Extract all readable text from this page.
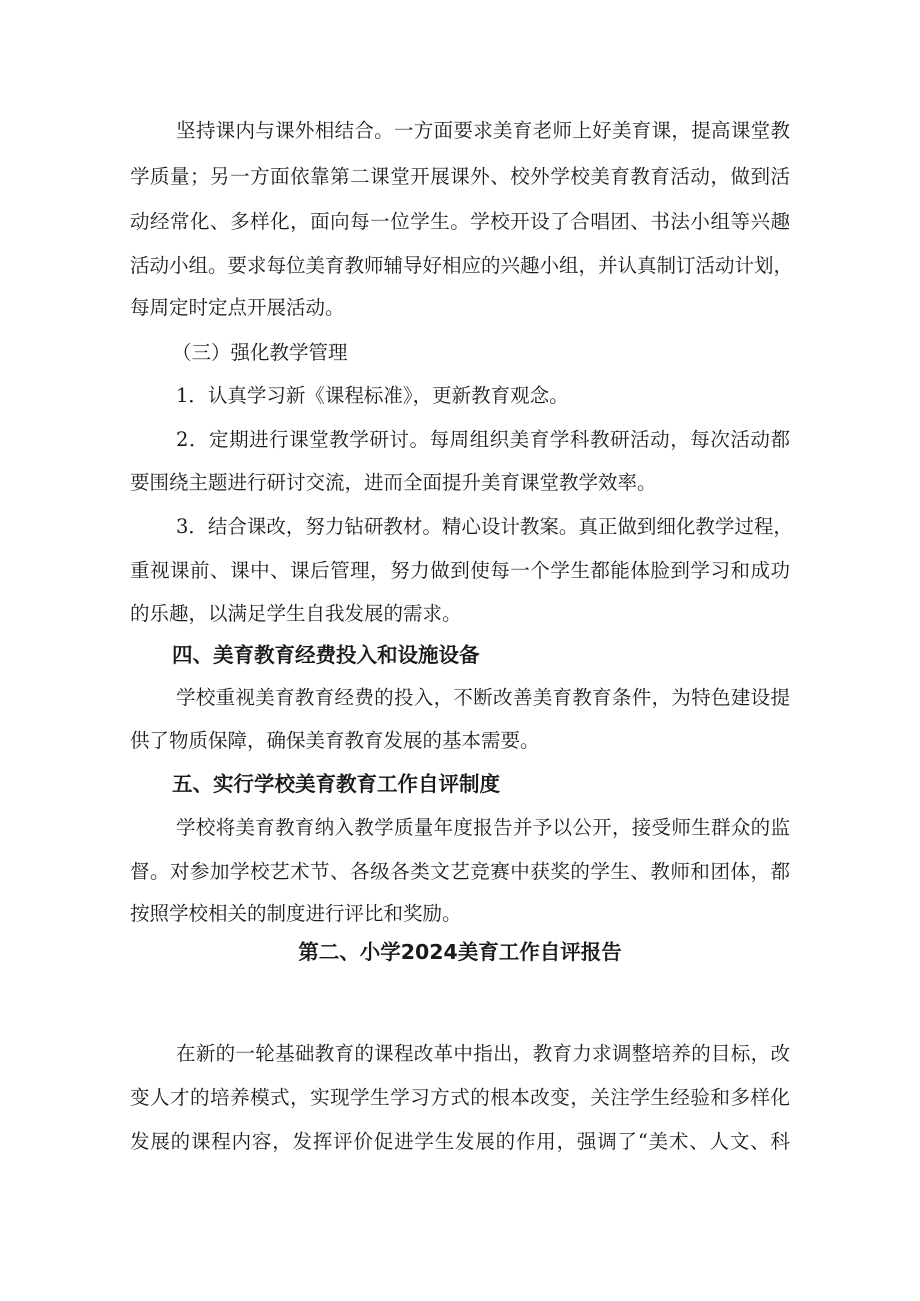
坚持课内与课外相结合。一方面要求美育老师上好美育课，提高课堂教
学质量；另一方面依靠第二课堂开展课外、校外学校美育教育活动，做到活
动经常化、多样化，面向每一位学生。学校开设了合唱团、书法小组等兴趣
活动小组。要求每位美育教师辅导好相应的兴趣小组，并认真制订活动计划，
每周定时定点开展活动。
（三）强化教学管理
1．认真学习新《课程标准》，更新教育观念。
2．定期进行课堂教学研讨。每周组织美育学科教研活动，每次活动都
要围绕主题进行研讨交流，进而全面提升美育课堂教学效率。
3．结合课改，努力钻研教材。精心设计教案。真正做到细化教学过程，
重视课前、课中、课后管理，努力做到使每一个学生都能体脸到学习和成功
的乐趣，以满足学生自我发展的需求。
四、美育教育经费投入和设施设备
学校重视美育教育经费的投入，不断改善美育教育条件，为特色建设提
供了物质保障，确保美育教育发展的基本需要。
五、实行学校美育教育工作自评制度
学校将美育教育纳入教学质量年度报告并予以公开，接受师生群众的监
督。对参加学校艺术节、各级各类文艺竞赛中获奖的学生、教师和团体，都
按照学校相关的制度进行评比和奖励。
第二、小学2024美育工作自评报告
在新的一轮基础教育的课程改革中指出，教育力求调整培养的目标，改
变人才的培养模式，实现学生学习方式的根本改变，关注学生经验和多样化
发展的课程内容，发挥评价促进学生发展的作用，强调了“美术、人文、科
